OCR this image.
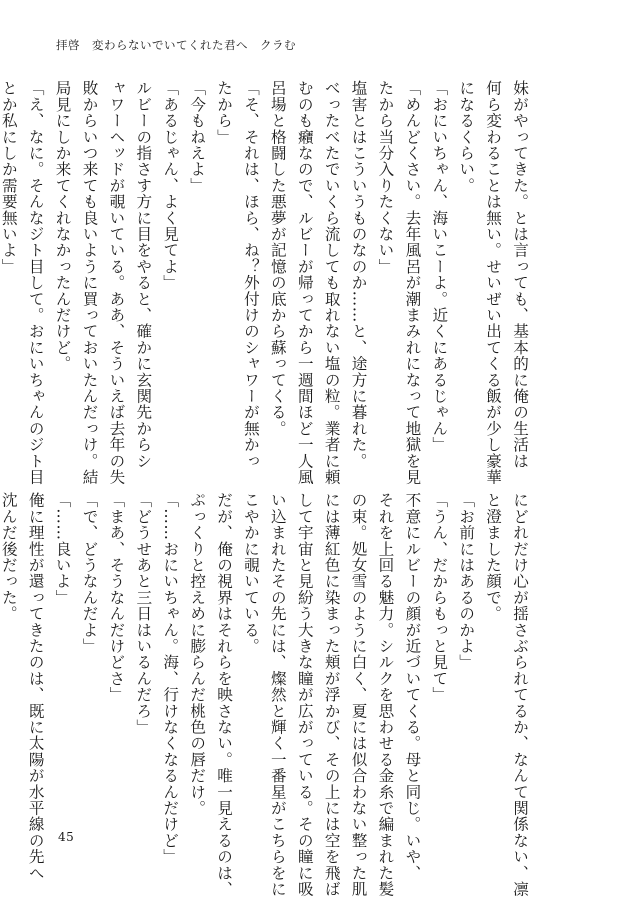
拝啓　変わらないでいてくれた君へ　クラむ
妹がやってきた。とは言っても、基本的に俺の生活は
何ら変わることは無い。せいぜい出てくる飯が少し豪華
になるくらい。
「おにいちゃん、海いこーよ。近くにあるじゃん」
「めんどくさい。去年風呂が潮まみれになって地獄を見
たから当分入りたくない」
塩害とはこういうものなのか……と、途方に暮れた。
べったべたでいくら流しても取れない塩の粒。業者に頼
むのも癪なので、ルビーが帰ってから一週間ほど一人風
呂場と格闘した悪夢が記憶の底から蘇ってくる。
「そ、それは、ほら、ね？外付けのシャワーが無かっ
たから」
「今もねえよ」
「あるじゃん、よく見てよ」
ルビーの指さす方に目をやると、確かに玄関先からシ
ャワーヘッドが覗いている。ああ、そういえば去年の失
敗からいつ来ても良いように買っておいたんだっけ。結
局見にしか来てくれなかったんだけど。
「え、なに。そんなジト目して。おにいちゃんのジト目
とか私にしか需要無いよ」
にどれだけ心が揺さぶられてるか、なんて関係ない、凛
と澄ました顔で。
「お前にはあるのかよ」
「うん、だからもっと見て」
不意にルビーの顔が近づいてくる。母と同じ。いや、
それを上回る魅力。シルクを思わせる金糸で編まれた髪
の束。処女雪のように白く、夏には似合わない整った肌
には薄紅色に染まった頬が浮かび、その上には空を飛ば
して宇宙と見紛う大きな瞳が広がっている。その瞳に吸
い込まれたその先には、燦然と輝く一番星がこちらをに
こやかに覗いている。
だが、俺の視界はそれらを映さない。唯一見えるのは、
ぷっくりと控えめに膨らんだ桃色の唇だけ。
「……おにいちゃん。海、行けなくなるんだけど」
「どうせあと三日はいるんだろ」
「まあ、そうなんだけどさ」
「で、どうなんだよ」
「……良いよ」
俺に理性が還ってきたのは、既に太陽が水平線の先へ
沈んだ後だった。
45
